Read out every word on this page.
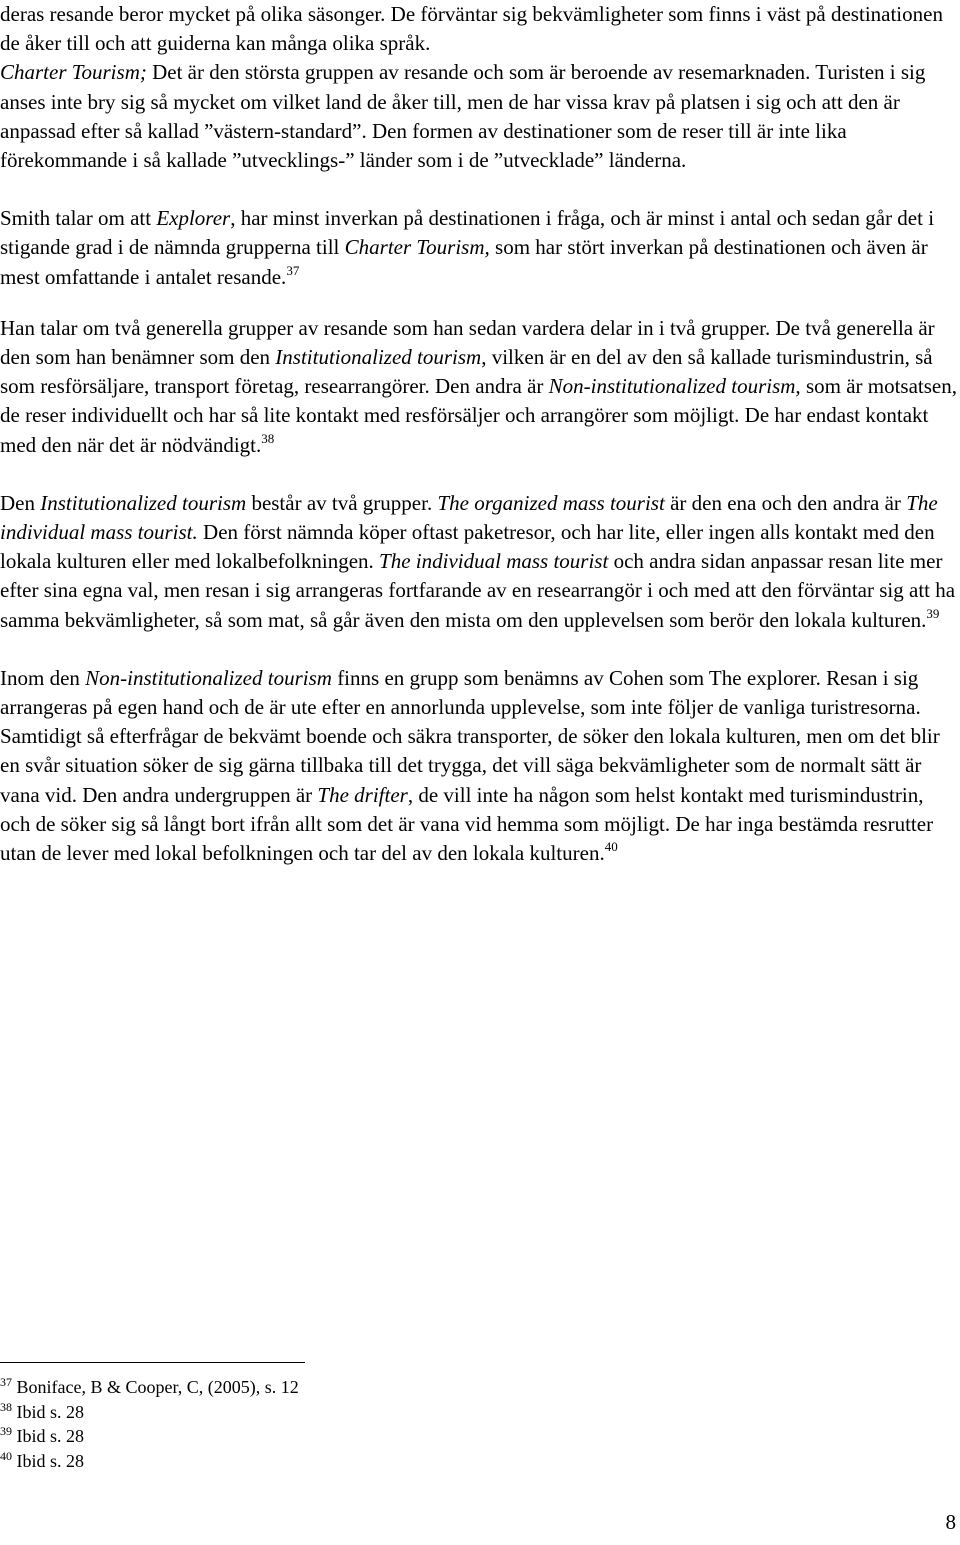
deras resande beror mycket på olika säsonger. De förväntar sig bekvämligheter som finns i väst på destinationen de åker till och att guiderna kan många olika språk.
Charter Tourism; Det är den största gruppen av resande och som är beroende av resemarknaden. Turisten i sig anses inte bry sig så mycket om vilket land de åker till, men de har vissa krav på platsen i sig och att den är anpassad efter så kallad ”västern-standard”. Den formen av destinationer som de reser till är inte lika förekommande i så kallade ”utvecklings-” länder som i de ”utvecklade” länderna.

Smith talar om att Explorer, har minst inverkan på destinationen i fråga, och är minst i antal och sedan går det i stigande grad i de nämnda grupperna till Charter Tourism, som har stört inverkan på destinationen och även är mest omfattande i antalet resande.$^{37}$

Han talar om två generella grupper av resande som han sedan vardera delar in i två grupper. De två generella är den som han benämner som den Institutionalized tourism, vilken är en del av den så kallade turismindustrin, så som resförsäljare, transport företag, researrangörer. Den andra är Non-institutionalized tourism, som är motsatsen, de reser individuellt och har så lite kontakt med resförsäljer och arrangörer som möjligt. De har endast kontakt med den när det är nödvändigt.$^{38}$

Den Institutionalized tourism består av två grupper. The organized mass tourist är den ena och den andra är The individual mass tourist. Den först nämnda köper oftast paketresor, och har lite, eller ingen alls kontakt med den lokala kulturen eller med lokalbefolkningen. The individual mass tourist och andra sidan anpassar resan lite mer efter sina egna val, men resan i sig arrangeras fortfarande av en researrangör i och med att den förväntar sig att ha samma bekvämligheter, så som mat, så går även den mista om den upplevelsen som berör den lokala kulturen.$^{39}$

Inom den Non-institutionalized tourism finns en grupp som benämns av Cohen som The explorer. Resan i sig arrangeras på egen hand och de är ute efter en annorlunda upplevelse, som inte följer de vanliga turistresorna. Samtidigt så efterfrågar de bekvämt boende och säkra transporter, de söker den lokala kulturen, men om det blir en svår situation söker de sig gärna tillbaka till det trygga, det vill säga bekvämligheter som de normalt sätt är vana vid. Den andra undergruppen är The drifter, de vill inte ha någon som helst kontakt med turismindustrin, och de söker sig så långt bort ifrån allt som det är vana vid hemma som möjligt. De har inga bestämda resrutter utan de lever med lokal befolkningen och tar del av den lokala kulturen.$^{40}$

$^{37}$ Boniface, B & Cooper, C, (2005), s. 12
$^{38}$ Ibid s. 28
$^{39}$ Ibid s. 28
$^{40}$ Ibid s. 28
8
